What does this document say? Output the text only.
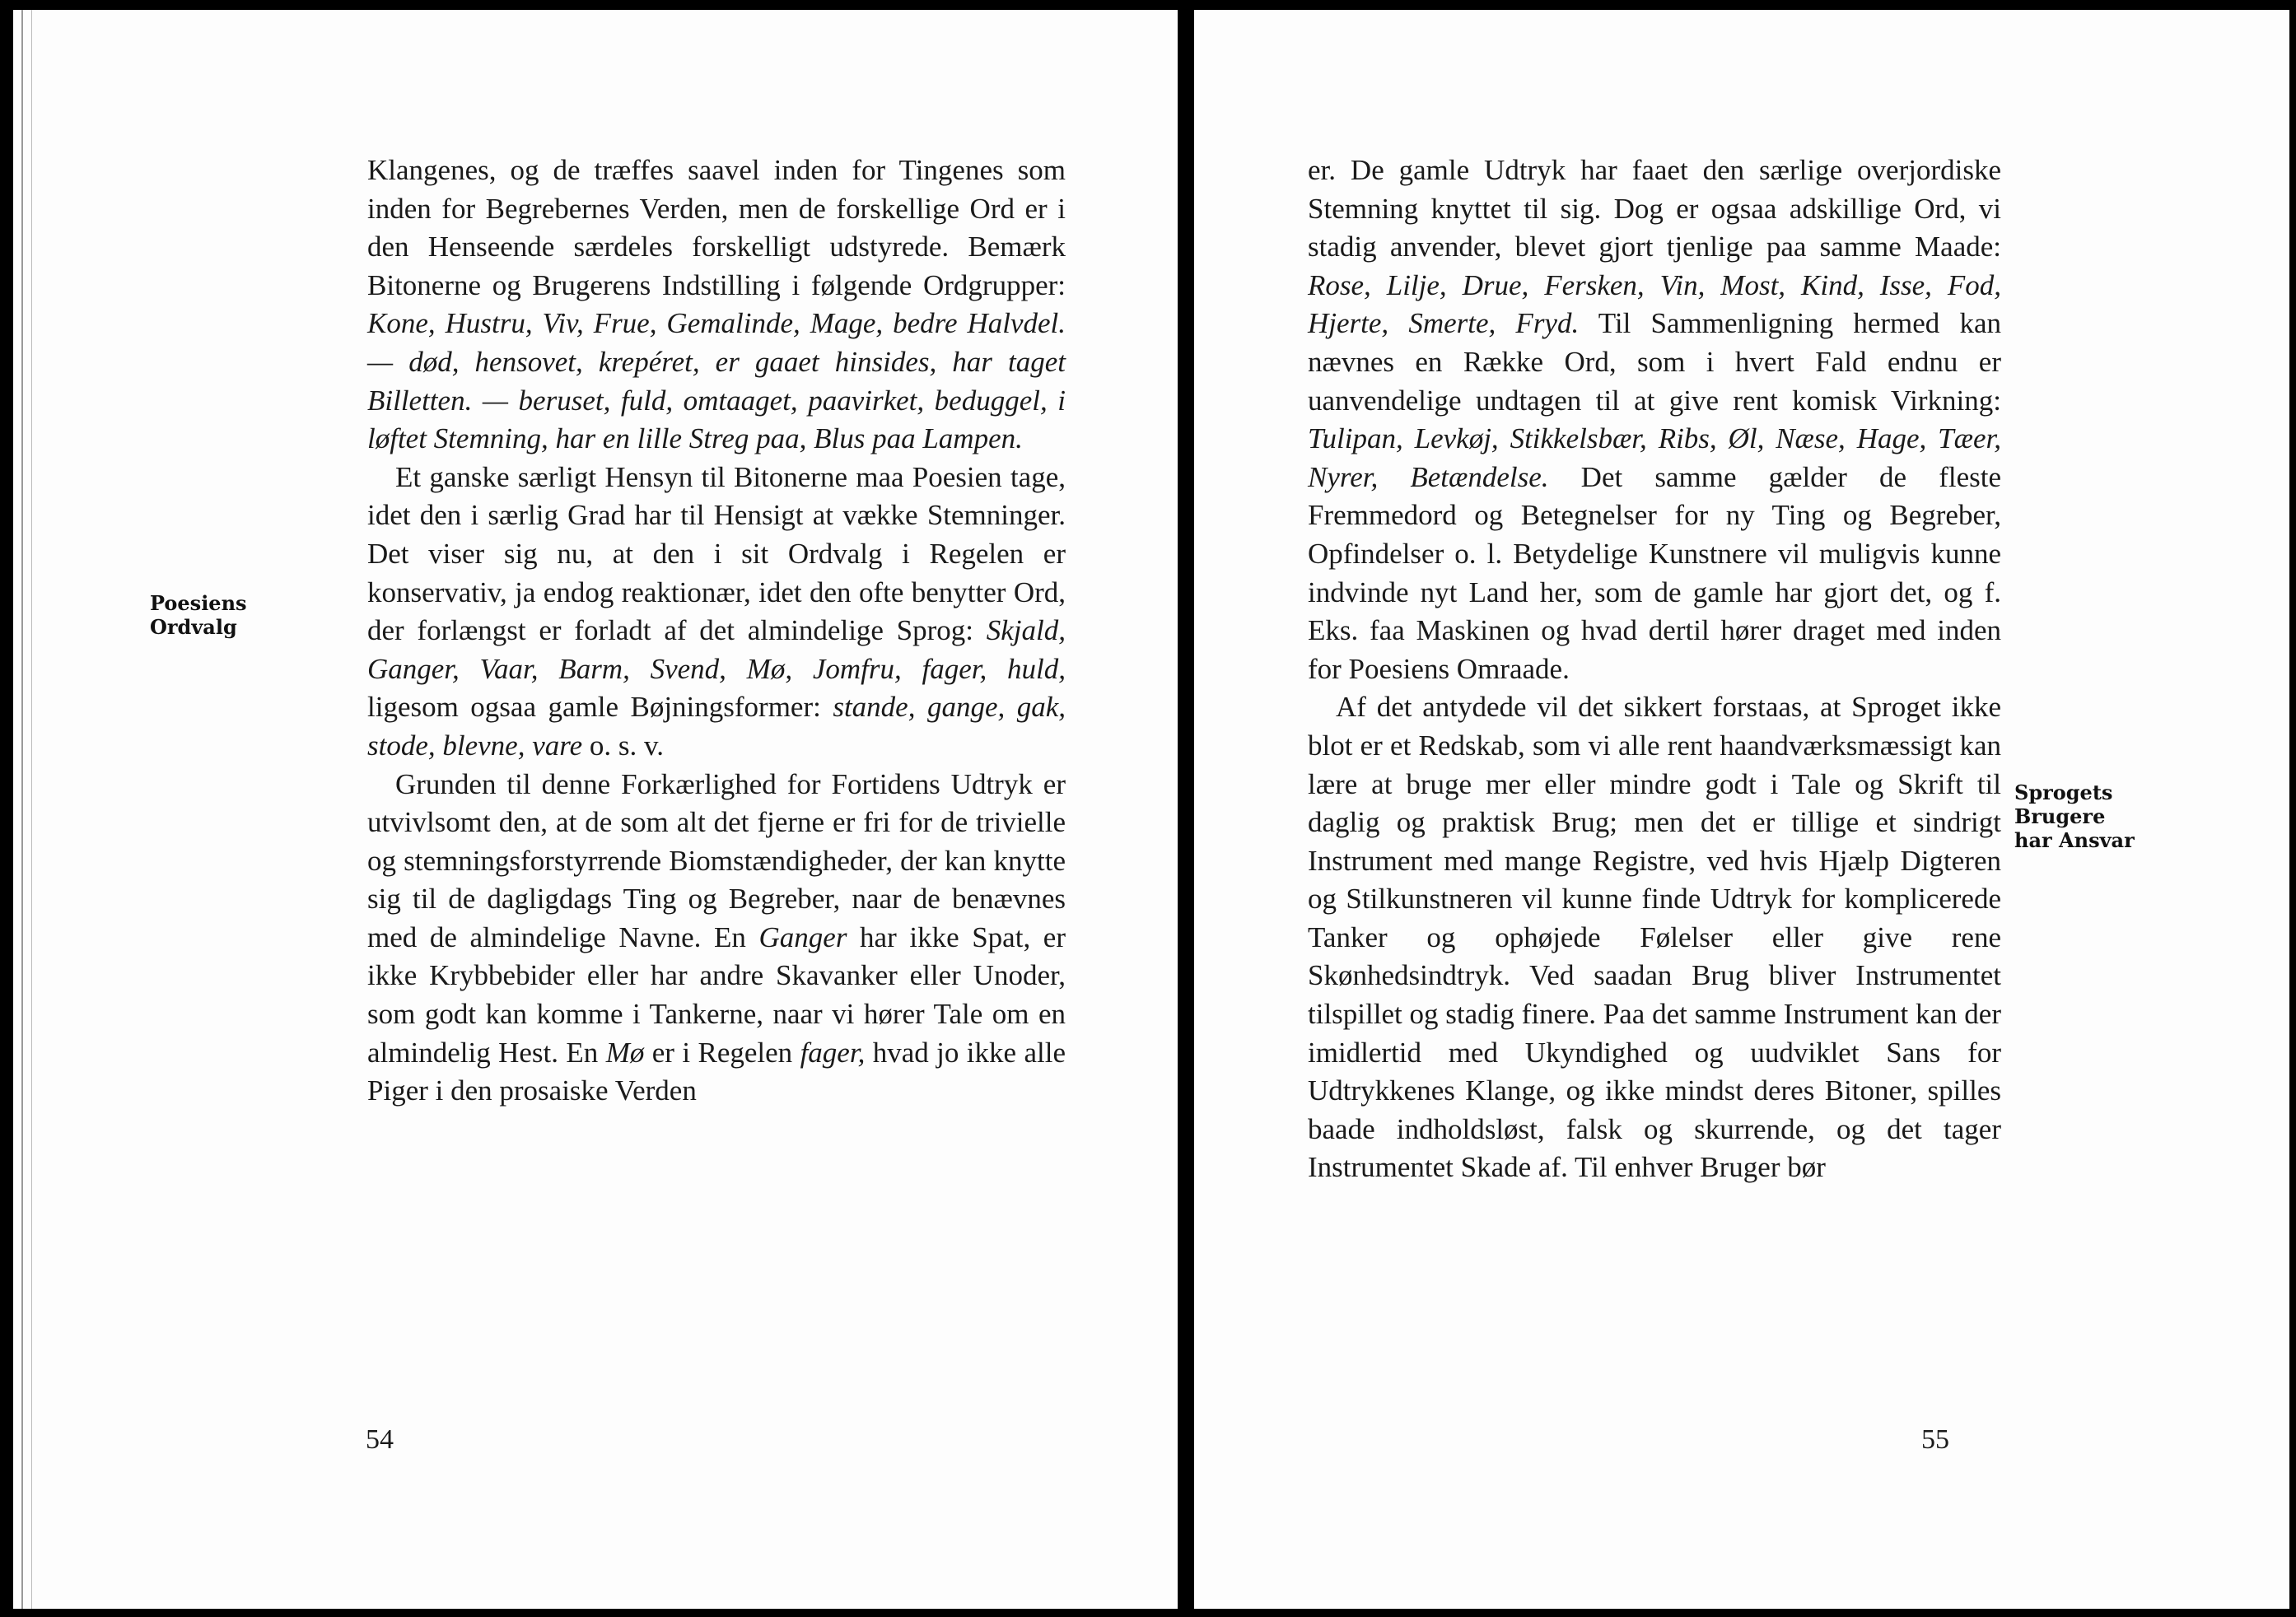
Poesiens
Ordvalg

Klangenes, og de træffes saavel inden for Tingenes som inden for Begrebernes Verden, men de forskellige Ord er i den Henseende særdeles forskelligt udstyrede. Bemærk Bitonerne og Brugerens Indstilling i følgende Ordgrupper: Kone, Hustru, Viv, Frue, Gemalinde, Mage, bedre Halvdel. — død, hensovet, krepéret, er gaaet hinsides, har taget Billetten. — beruset, fuld, omtaaget, paavirket, beduggel, i løftet Stemning, har en lille Streg paa, Blus paa Lampen.

Et ganske særligt Hensyn til Bitonerne maa Poesien tage, idet den i særlig Grad har til Hensigt at vække Stemninger. Det viser sig nu, at den i sit Ordvalg i Regelen er konservativ, ja endog reaktionær, idet den ofte benytter Ord, der forlængst er forladt af det almindelige Sprog: Skjald, Ganger, Vaar, Barm, Svend, Mø, Jomfru, fager, huld, ligesom ogsaa gamle Bøjningsformer: stande, gange, gak, stode, blevne, vare o. s. v.

Grunden til denne Forkærlighed for Fortidens Udtryk er utvivlsomt den, at de som alt det fjerne er fri for de trivielle og stemningsforstyrrende Biomstændigheder, der kan knytte sig til de dagligdags Ting og Begreber, naar de benævnes med de almindelige Navne. En Ganger har ikke Spat, er ikke Krybbebider eller har andre Skavanker eller Unoder, som godt kan komme i Tankerne, naar vi hører Tale om en almindelig Hest. En Mø er i Regelen fager, hvad jo ikke alle Piger i den prosaiske Verden

54
Sprogets
Brugere
har Ansvar

er. De gamle Udtryk har faaet den særlige overjordiske Stemning knyttet til sig. Dog er ogsaa adskillige Ord, vi stadig anvender, blevet gjort tjenlige paa samme Maade: Rose, Lilje, Drue, Fersken, Vin, Most, Kind, Isse, Fod, Hjerte, Smerte, Fryd. Til Sammenligning hermed kan nævnes en Række Ord, som i hvert Fald endnu er uanvendelige undtagen til at give rent komisk Virkning: Tulipan, Levkøj, Stikkelsbær, Ribs, Øl, Næse, Hage, Tæer, Nyrer, Betændelse. Det samme gælder de fleste Fremmedord og Betegnelser for ny Ting og Begreber, Opfindelser o. l. Betydelige Kunstnere vil muligvis kunne indvinde nyt Land her, som de gamle har gjort det, og f. Eks. faa Maskinen og hvad dertil hører draget med inden for Poesiens Omraade.

Af det antydede vil det sikkert forstaas, at Sproget ikke blot er et Redskab, som vi alle rent haandværksmæssigt kan lære at bruge mer eller mindre godt i Tale og Skrift til daglig og praktisk Brug; men det er tillige et sindrigt Instrument med mange Registre, ved hvis Hjælp Digteren og Stilkunstneren vil kunne finde Udtryk for komplicerede Tanker og ophøjede Følelser eller give rene Skønhedsindtryk. Ved saadan Brug bliver Instrumentet tilspillet og stadig finere. Paa det samme Instrument kan der imidlertid med Ukyndighed og uudviklet Sans for Udtrykkenes Klange, og ikke mindst deres Bitoner, spilles baade indholdsløst, falsk og skurrende, og det tager Instrumentet Skade af. Til enhver Bruger bør

55
